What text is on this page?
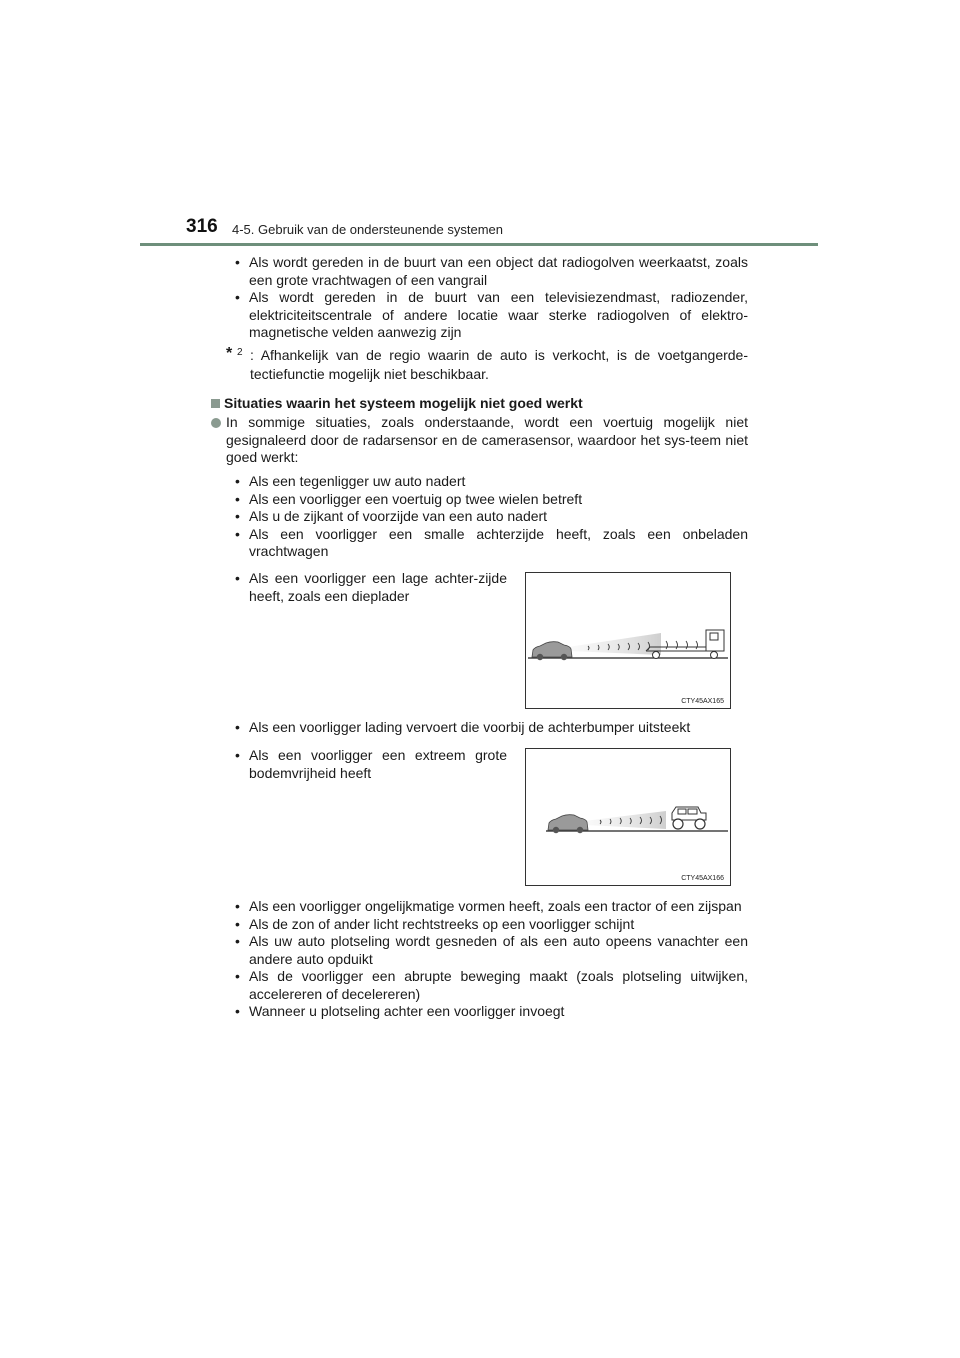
316 4-5. Gebruik van de ondersteunende systemen
• Als wordt gereden in de buurt van een object dat radiogolven weerkaatst, zoals een grote vrachtwagen of een vangrail
• Als wordt gereden in de buurt van een televisiezendmast, radiozender, elektriciteitscentrale of andere locatie waar sterke radiogolven of elektro-magnetische velden aanwezig zijn
* 2 : Afhankelijk van de regio waarin de auto is verkocht, is de voetgangerde-tectiefunctie mogelijk niet beschikbaar.
Situaties waarin het systeem mogelijk niet goed werkt
In sommige situaties, zoals onderstaande, wordt een voertuig mogelijk niet gesignaleerd door de radarsensor en de camerasensor, waardoor het sys-teem niet goed werkt:
• Als een tegenligger uw auto nadert
• Als een voorligger een voertuig op twee wielen betreft
• Als u de zijkant of voorzijde van een auto nadert
• Als een voorligger een smalle achterzijde heeft, zoals een onbeladen vrachtwagen
• Als een voorligger een lage achter-zijde heeft, zoals een dieplader
CTY45AX165
• Als een voorligger lading vervoert die voorbij de achterbumper uitsteekt
• Als een voorligger een extreem grote bodemvrijheid heeft
CTY45AX166
• Als een voorligger ongelijkmatige vormen heeft, zoals een tractor of een zijspan
• Als de zon of ander licht rechtstreeks op een voorligger schijnt
• Als uw auto plotseling wordt gesneden of als een auto opeens vanachter een andere auto opduikt
• Als de voorligger een abrupte beweging maakt (zoals plotseling uitwijken, accelereren of decelereren)
• Wanneer u plotseling achter een voorligger invoegt
